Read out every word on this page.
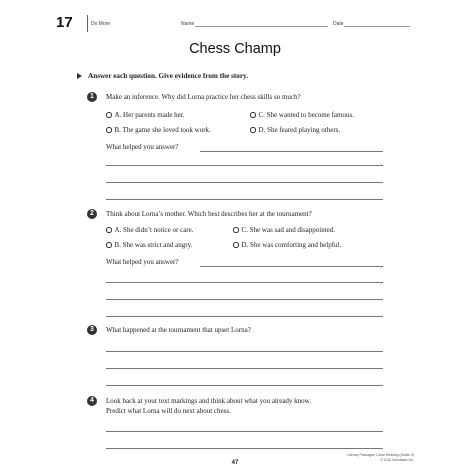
17	Do More	Name	Date
Chess Champ
Answer each question. Give evidence from the story.
1	Make an inference. Why did Lorna practice her chess skills so much?
A. Her parents made her.	C. She wanted to become famous.
B. The game she loved took work.	D. She feared playing others.
What helped you answer?
2	Think about Lorna’s mother. Which best describes her at the tournament?
A. She didn’t notice or care.	C. She was sad and disappointed.
B. She was strict and angry.	D. She was comforting and helpful.
What helped you answer?
3	What happened at the tournament that upset Lorna?
4	Look back at your text markings and think about what you already know.
Predict what Lorna will do next about chess.
47
Literary Passages: Close Reading (Grade 3)
© 2016 Scholastic Inc.
